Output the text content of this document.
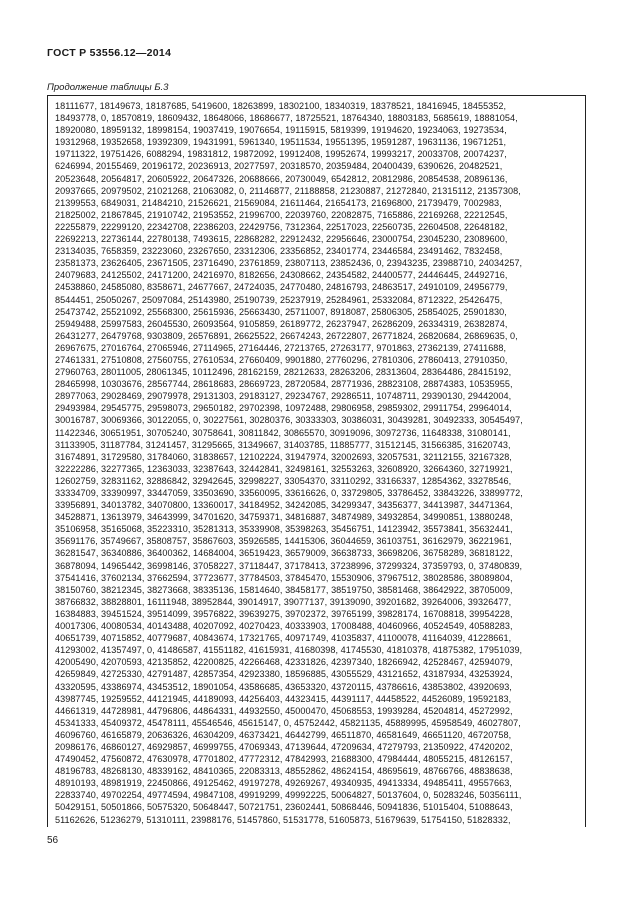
ГОСТ Р 53556.12—2014
Продолжение таблицы Б.3
18111677, 18149673, 18187685, 5419600, 18263899, 18302100, 18340319, 18378521, 18416945, 18455352,
18493778, 0, 18570819, 18609432, 18648066, 18686677, 18725521, 18764340, 18803183, 5685619, 18881054,
18920080, 18959132, 18998154, 19037419, 19076654, 19115915, 5819399, 19194620, 19234063, 19273534,
19312968, 19352658, 19392309, 19431991, 5961340, 19511534, 19551395, 19591287, 19631136, 19671251,
19711322, 19751426, 6088294, 19831812, 19872092, 19912408, 19952674, 19993217, 20033708, 20074237,
6246994, 20155469, 20196172, 20236913, 20277597, 20318570, 20359484, 20400439, 6390626, 20482521,
20523648, 20564817, 20605922, 20647326, 20688666, 20730049, 6542812, 20812986, 20854538, 20896136,
20937665, 20979502, 21021268, 21063082, 0, 21146877, 21188858, 21230887, 21272840, 21315112, 21357308,
21399553, 6849031, 21484210, 21526621, 21569084, 21611464, 21654173, 21696800, 21739479, 7002983,
21825002, 21867845, 21910742, 21953552, 21996700, 22039760, 22082875, 7165886, 22169268, 22212545,
22255879, 22299120, 22342708, 22386203, 22429756, 7312364, 22517023, 22560735, 22604508, 22648182,
22692213, 22736144, 22780138, 7493615, 22868282, 22912432, 22956646, 23000754, 23045230, 23089600,
23134035, 7658359, 23223060, 23267650, 23312306, 23356852, 23401774, 23446584, 23491462, 7832458,
23581373, 23626405, 23671505, 23716490, 23761859, 23807113, 23852436, 0, 23943235, 23988710, 24034257,
24079683, 24125502, 24171200, 24216970, 8182656, 24308662, 24354582, 24400577, 24446445, 24492716,
24538860, 24585080, 8358671, 24677667, 24724035, 24770480, 24816793, 24863517, 24910109, 24956779,
8544451, 25050267, 25097084, 25143980, 25190739, 25237919, 25284961, 25332084, 8712322, 25426475,
25473742, 25521092, 25568300, 25615936, 25663430, 25711007, 8918087, 25806305, 25854025, 25901830,
25949488, 25997583, 26045530, 26093564, 9105859, 26189772, 26237947, 26286209, 26334319, 26382874,
26431277, 26479768, 9303809, 26576891, 26625522, 26674243, 26722807, 26771824, 26820684, 26869635, 0,
26967675, 27016764, 27065946, 27114965, 27164446, 27213765, 27263177, 9701863, 27362139, 27411688,
27461331, 27510808, 27560755, 27610534, 27660409, 9901880, 27760296, 27810306, 27860413, 27910350,
27960763, 28011005, 28061345, 10112496, 28162159, 28212633, 28263206, 28313604, 28364486, 28415192,
28465998, 10303676, 28567744, 28618683, 28669723, 28720584, 28771936, 28823108, 28874383, 10535955,
28977063, 29028469, 29079978, 29131303, 29183127, 29234767, 29286511, 10748711, 29390130, 29442004,
29493984, 29545775, 29598073, 29650182, 29702398, 10972488, 29806958, 29859302, 29911754, 29964014,
30016787, 30069366, 30122055, 0, 30227561, 30280376, 30333303, 30386031, 30439281, 30492333, 30545497,
11422346, 30651951, 30705240, 30758641, 30811842, 30865570, 30919096, 30972736, 11648338, 31080141,
31133905, 31187784, 31241457, 31295665, 31349667, 31403785, 11885777, 31512145, 31566385, 31620743,
31674891, 31729580, 31784060, 31838657, 12102224, 31947974, 32002693, 32057531, 32112155, 32167328,
32222286, 32277365, 12363033, 32387643, 32442841, 32498161, 32553263, 32608920, 32664360, 32719921,
12602759, 32831162, 32886842, 32942645, 32998227, 33054370, 33110292, 33166337, 12854362, 33278546,
33334709, 33390997, 33447059, 33503690, 33560095, 33616626, 0, 33729805, 33786452, 33843226, 33899772,
33956891, 34013782, 34070800, 13360017, 34184952, 34242085, 34299347, 34356377, 34413987, 34471364,
34528871, 13613979, 34643999, 34701620, 34759371, 34816887, 34874989, 34932854, 34990851, 13880248,
35106958, 35165068, 35223310, 35281313, 35339908, 35398263, 35456751, 14123942, 35573841, 35632441,
35691176, 35749667, 35808757, 35867603, 35926585, 14415306, 36044659, 36103751, 36162979, 36221961,
36281547, 36340886, 36400362, 14684004, 36519423, 36579009, 36638733, 36698206, 36758289, 36818122,
36878094, 14965442, 36998146, 37058227, 37118447, 37178413, 37238996, 37299324, 37359793, 0, 37480839,
37541416, 37602134, 37662594, 37723677, 37784503, 37845470, 15530906, 37967512, 38028586, 38089804,
38150760, 38212345, 38273668, 38335136, 15814640, 38458177, 38519750, 38581468, 38642922, 38705009,
38766832, 38828801, 16111948, 38952844, 39014917, 39077137, 39139090, 39201682, 39264006, 39326477,
16384883, 39451524, 39514099, 39576822, 39639275, 39702372, 39765199, 39828174, 16708818, 39954228,
40017306, 40080534, 40143488, 40207092, 40270423, 40333903, 17008488, 40460966, 40524549, 40588283,
40651739, 40715852, 40779687, 40843674, 17321765, 40971749, 41035837, 41100078, 41164039, 41228661,
41293002, 41357497, 0, 41486587, 41551182, 41615931, 41680398, 41745530, 41810378, 41875382, 17951039,
42005490, 42070593, 42135852, 42200825, 42266468, 42331826, 42397340, 18266942, 42528467, 42594079,
42659849, 42725330, 42791487, 42857354, 42923380, 18596885, 43055529, 43121652, 43187934, 43253924,
43320595, 43386974, 43453512, 18901054, 43586685, 43653320, 43720115, 43786616, 43853802, 43920693,
43987745, 19259552, 44121945, 44189093, 44256403, 44323415, 44391117, 44458522, 44526089, 19592183,
44661319, 44728981, 44796806, 44864331, 44932550, 45000470, 45068553, 19939284, 45204814, 45272992,
45341333, 45409372, 45478111, 45546546, 45615147, 0, 45752442, 45821135, 45889995, 45958549, 46027807,
46096760, 46165879, 20636326, 46304209, 46373421, 46442799, 46511870, 46581649, 46651120, 46720758,
20986176, 46860127, 46929857, 46999755, 47069343, 47139644, 47209634, 47279793, 21350922, 47420202,
47490452, 47560872, 47630978, 47701802, 47772312, 47842993, 21688300, 47984444, 48055215, 48126157,
48196783, 48268130, 48339162, 48410365, 22083313, 48552862, 48624154, 48695619, 48766766, 48838638,
48910193, 48981919, 22450866, 49125462, 49197278, 49269267, 49340935, 49413334, 49485411, 49557663,
22833740, 49702254, 49774594, 49847108, 49919299, 49992225, 50064827, 50137604, 0, 50283246, 50356111,
50429151, 50501866, 50575320, 50648447, 50721751, 23602441, 50868446, 50941836, 51015404, 51088643,
51162626, 51236279, 51310111, 23988176, 51457860, 51531778, 51605873, 51679639, 51754150, 51828332,
56
